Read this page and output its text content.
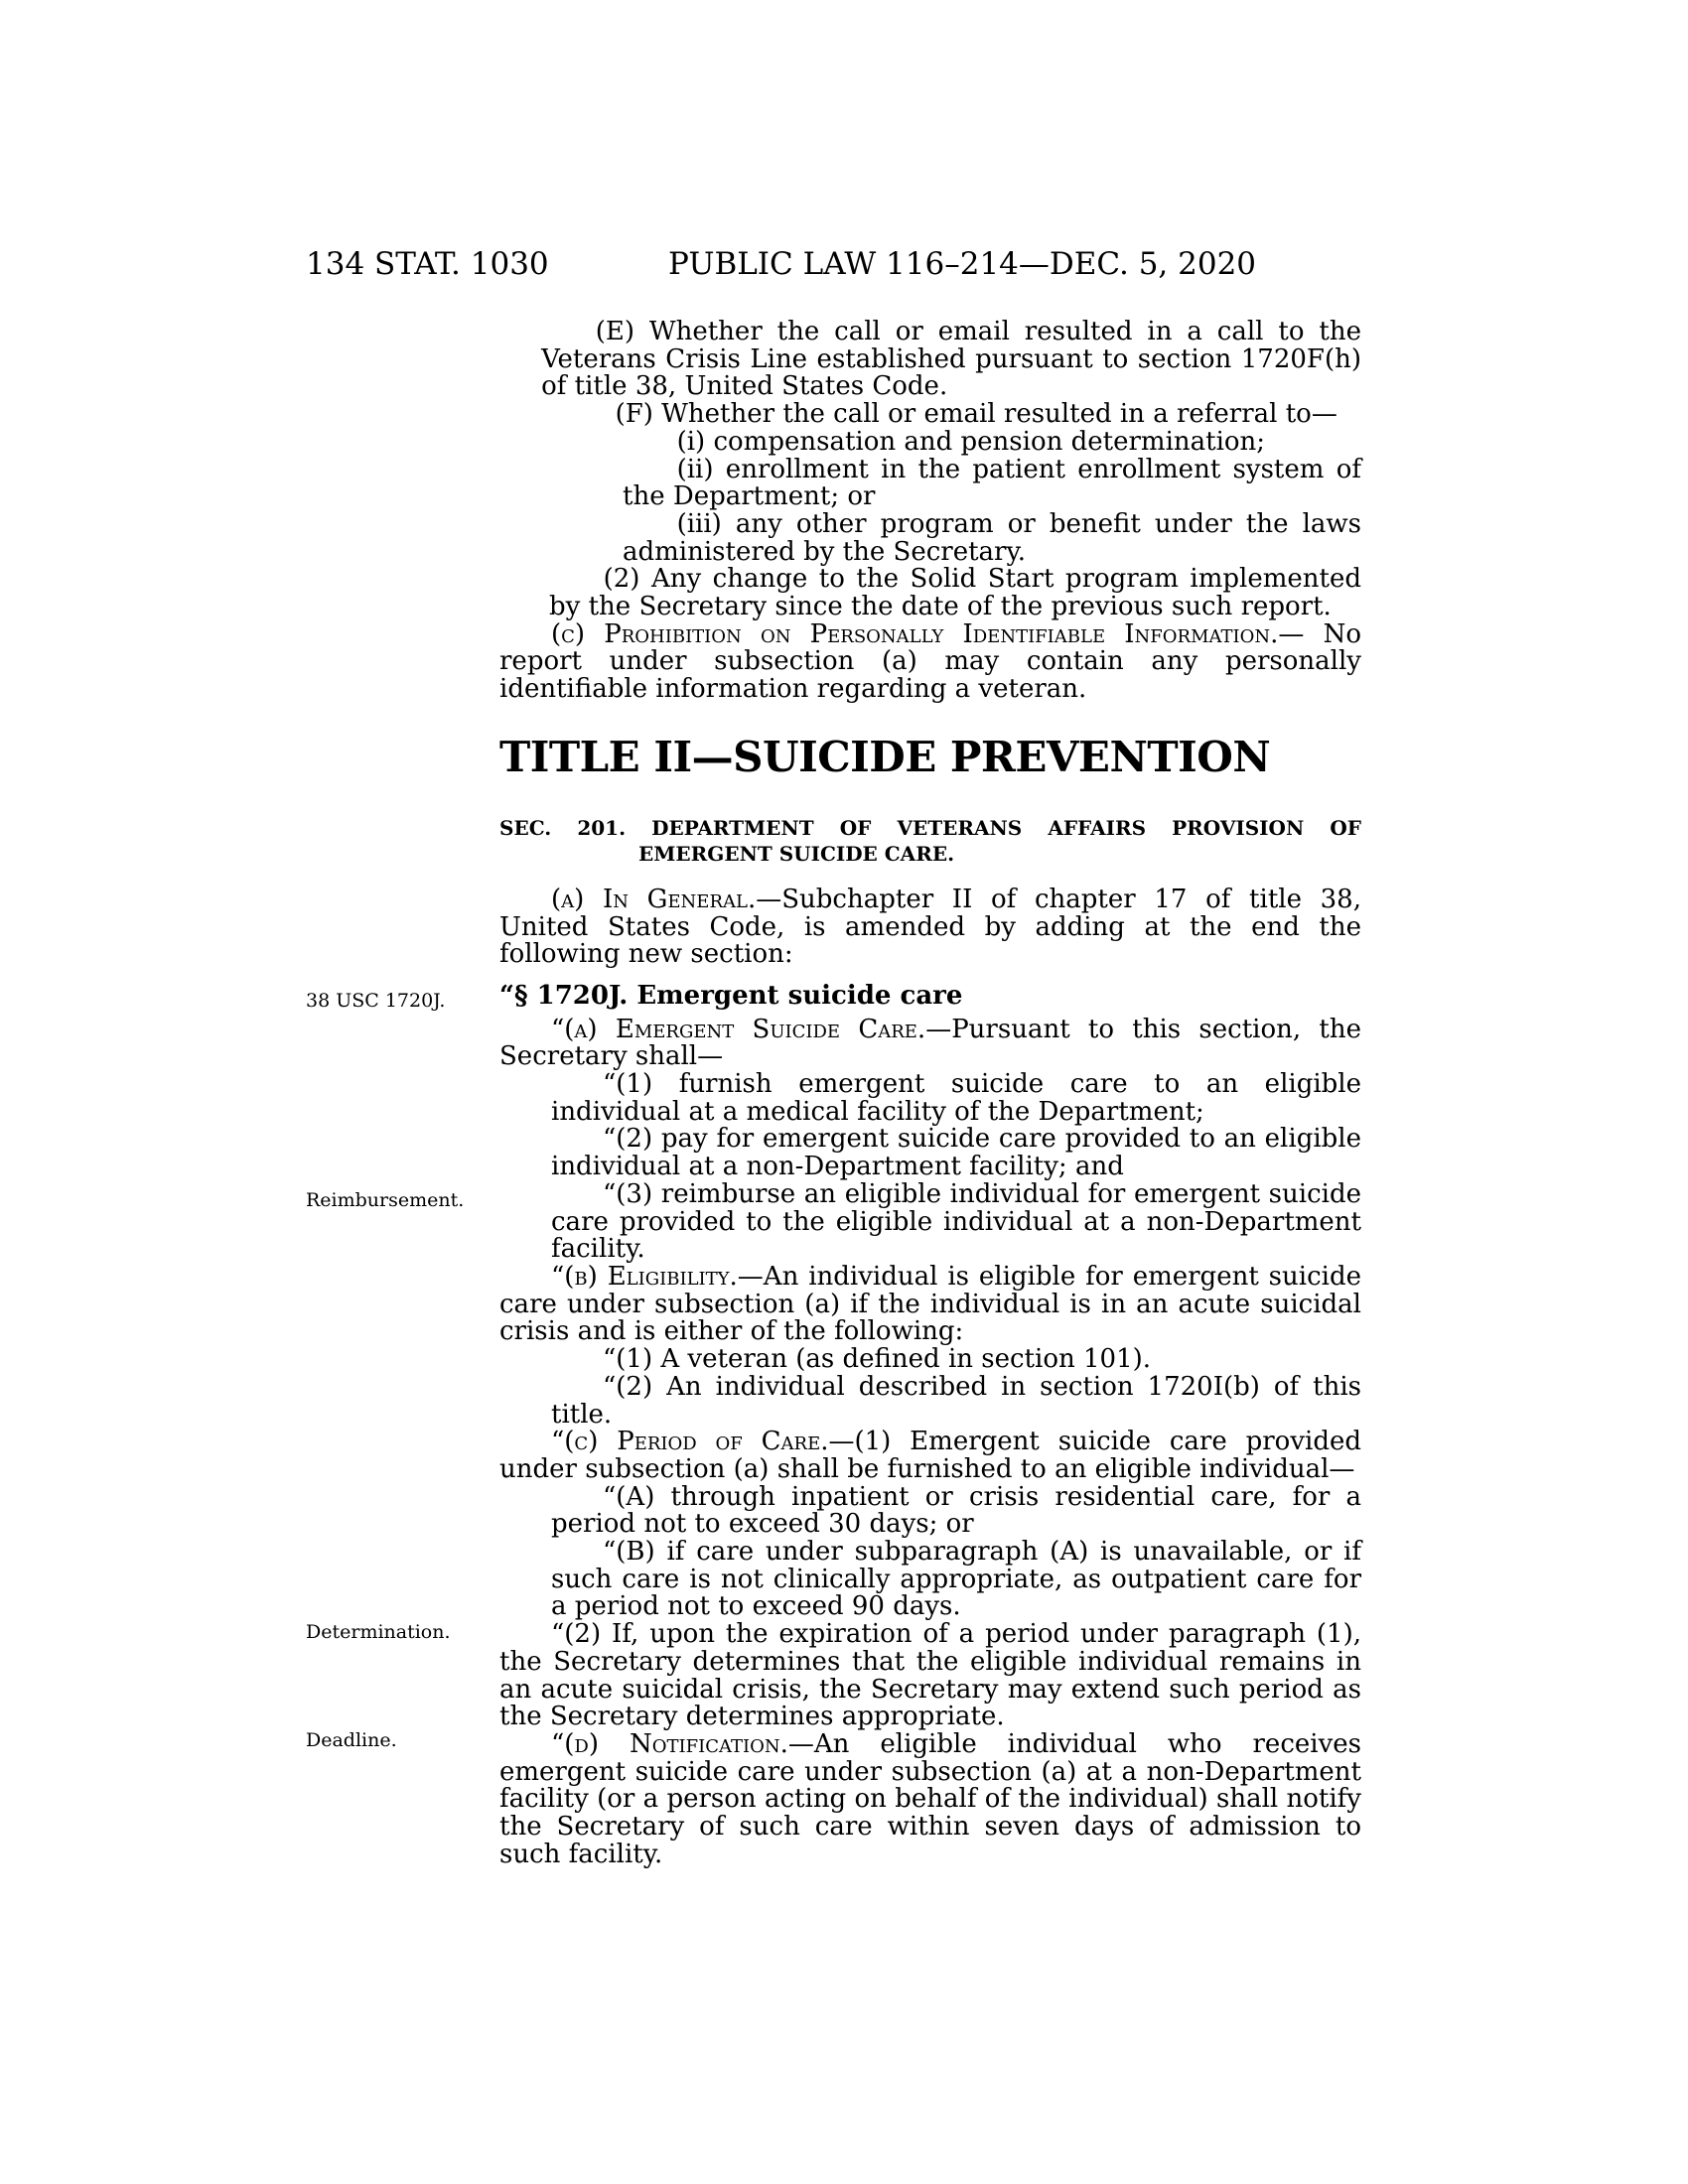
134 STAT. 1030	PUBLIC LAW 116–214—DEC. 5, 2020

(E) Whether the call or email resulted in a call to the Veterans Crisis Line established pursuant to section 1720F(h) of title 38, United States Code.

(F) Whether the call or email resulted in a referral to—

(i) compensation and pension determination;

(ii) enrollment in the patient enrollment system of the Department; or

(iii) any other program or benefit under the laws administered by the Secretary.

(2) Any change to the Solid Start program implemented by the Secretary since the date of the previous such report.

(c) Prohibition on Personally Identifiable Information.— No report under subsection (a) may contain any personally identifiable information regarding a veteran.

TITLE II—SUICIDE PREVENTION

SEC. 201. DEPARTMENT OF VETERANS AFFAIRS PROVISION OF EMERGENT SUICIDE CARE.

(a) In General.—Subchapter II of chapter 17 of title 38, United States Code, is amended by adding at the end the following new section:

“§ 1720J. Emergent suicide care

“(a) Emergent Suicide Care.—Pursuant to this section, the Secretary shall—

“(1) furnish emergent suicide care to an eligible individual at a medical facility of the Department;

“(2) pay for emergent suicide care provided to an eligible individual at a non-Department facility; and

“(3) reimburse an eligible individual for emergent suicide care provided to the eligible individual at a non-Department facility.

“(b) Eligibility.—An individual is eligible for emergent suicide care under subsection (a) if the individual is in an acute suicidal crisis and is either of the following:

“(1) A veteran (as defined in section 101).

“(2) An individual described in section 1720I(b) of this title.

“(c) Period of Care.—(1) Emergent suicide care provided under subsection (a) shall be furnished to an eligible individual—

“(A) through inpatient or crisis residential care, for a period not to exceed 30 days; or

“(B) if care under subparagraph (A) is unavailable, or if such care is not clinically appropriate, as outpatient care for a period not to exceed 90 days.

“(2) If, upon the expiration of a period under paragraph (1), the Secretary determines that the eligible individual remains in an acute suicidal crisis, the Secretary may extend such period as the Secretary determines appropriate.

“(d) Notification.—An eligible individual who receives emergent suicide care under subsection (a) at a non-Department facility (or a person acting on behalf of the individual) shall notify the Secretary of such care within seven days of admission to such facility.

38 USC 1720J.
Reimbursement.
Determination.
Deadline.
